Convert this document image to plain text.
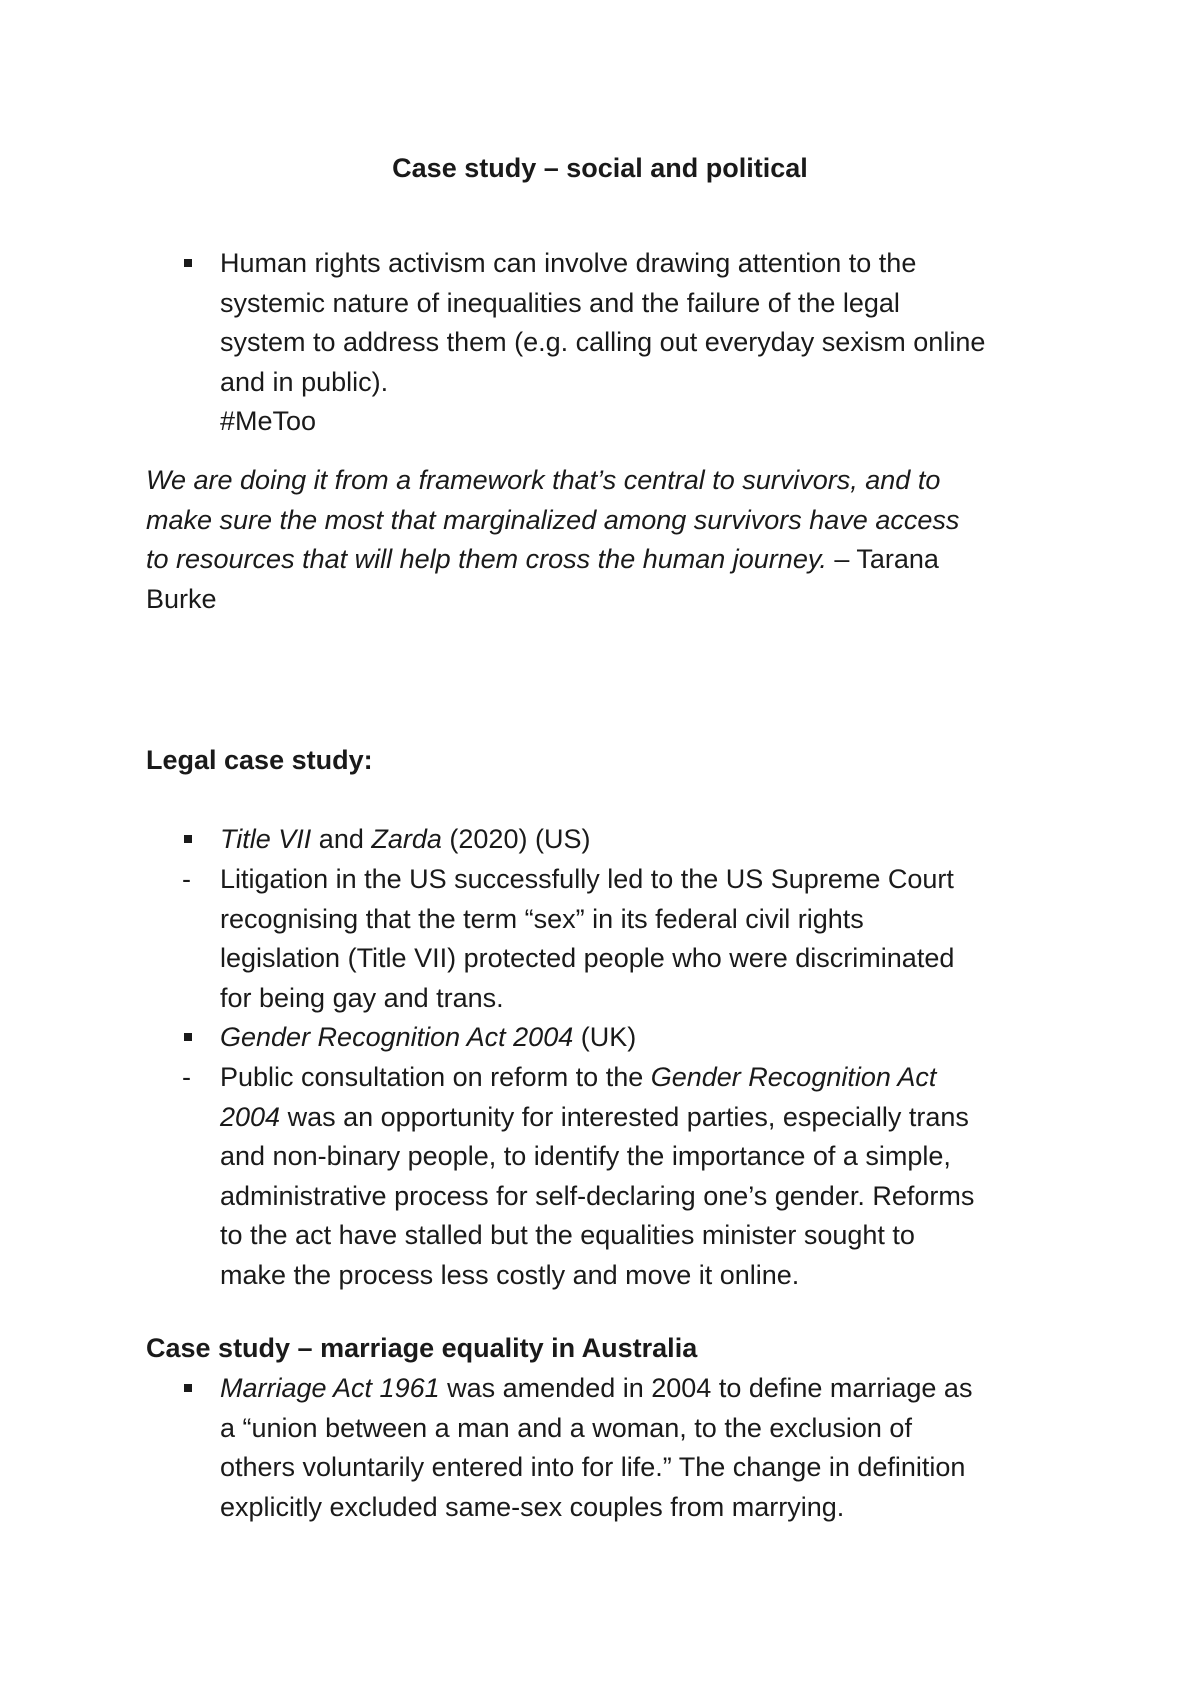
Case study – social and political
Human rights activism can involve drawing attention to the
systemic nature of inequalities and the failure of the legal
system to address them (e.g. calling out everyday sexism online
and in public).
#MeToo
We are doing it from a framework that’s central to survivors, and to
make sure the most that marginalized among survivors have access
to resources that will help them cross the human journey. – Tarana
Burke
Legal case study:
Title VII and Zarda (2020) (US)
-	Litigation in the US successfully led to the US Supreme Court
recognising that the term “sex” in its federal civil rights
legislation (Title VII) protected people who were discriminated
for being gay and trans.
Gender Recognition Act 2004 (UK)
-	Public consultation on reform to the Gender Recognition Act
2004 was an opportunity for interested parties, especially trans
and non-binary people, to identify the importance of a simple,
administrative process for self-declaring one’s gender. Reforms
to the act have stalled but the equalities minister sought to
make the process less costly and move it online.
Case study – marriage equality in Australia
Marriage Act 1961 was amended in 2004 to define marriage as
a “union between a man and a woman, to the exclusion of
others voluntarily entered into for life.” The change in definition
explicitly excluded same-sex couples from marrying.
